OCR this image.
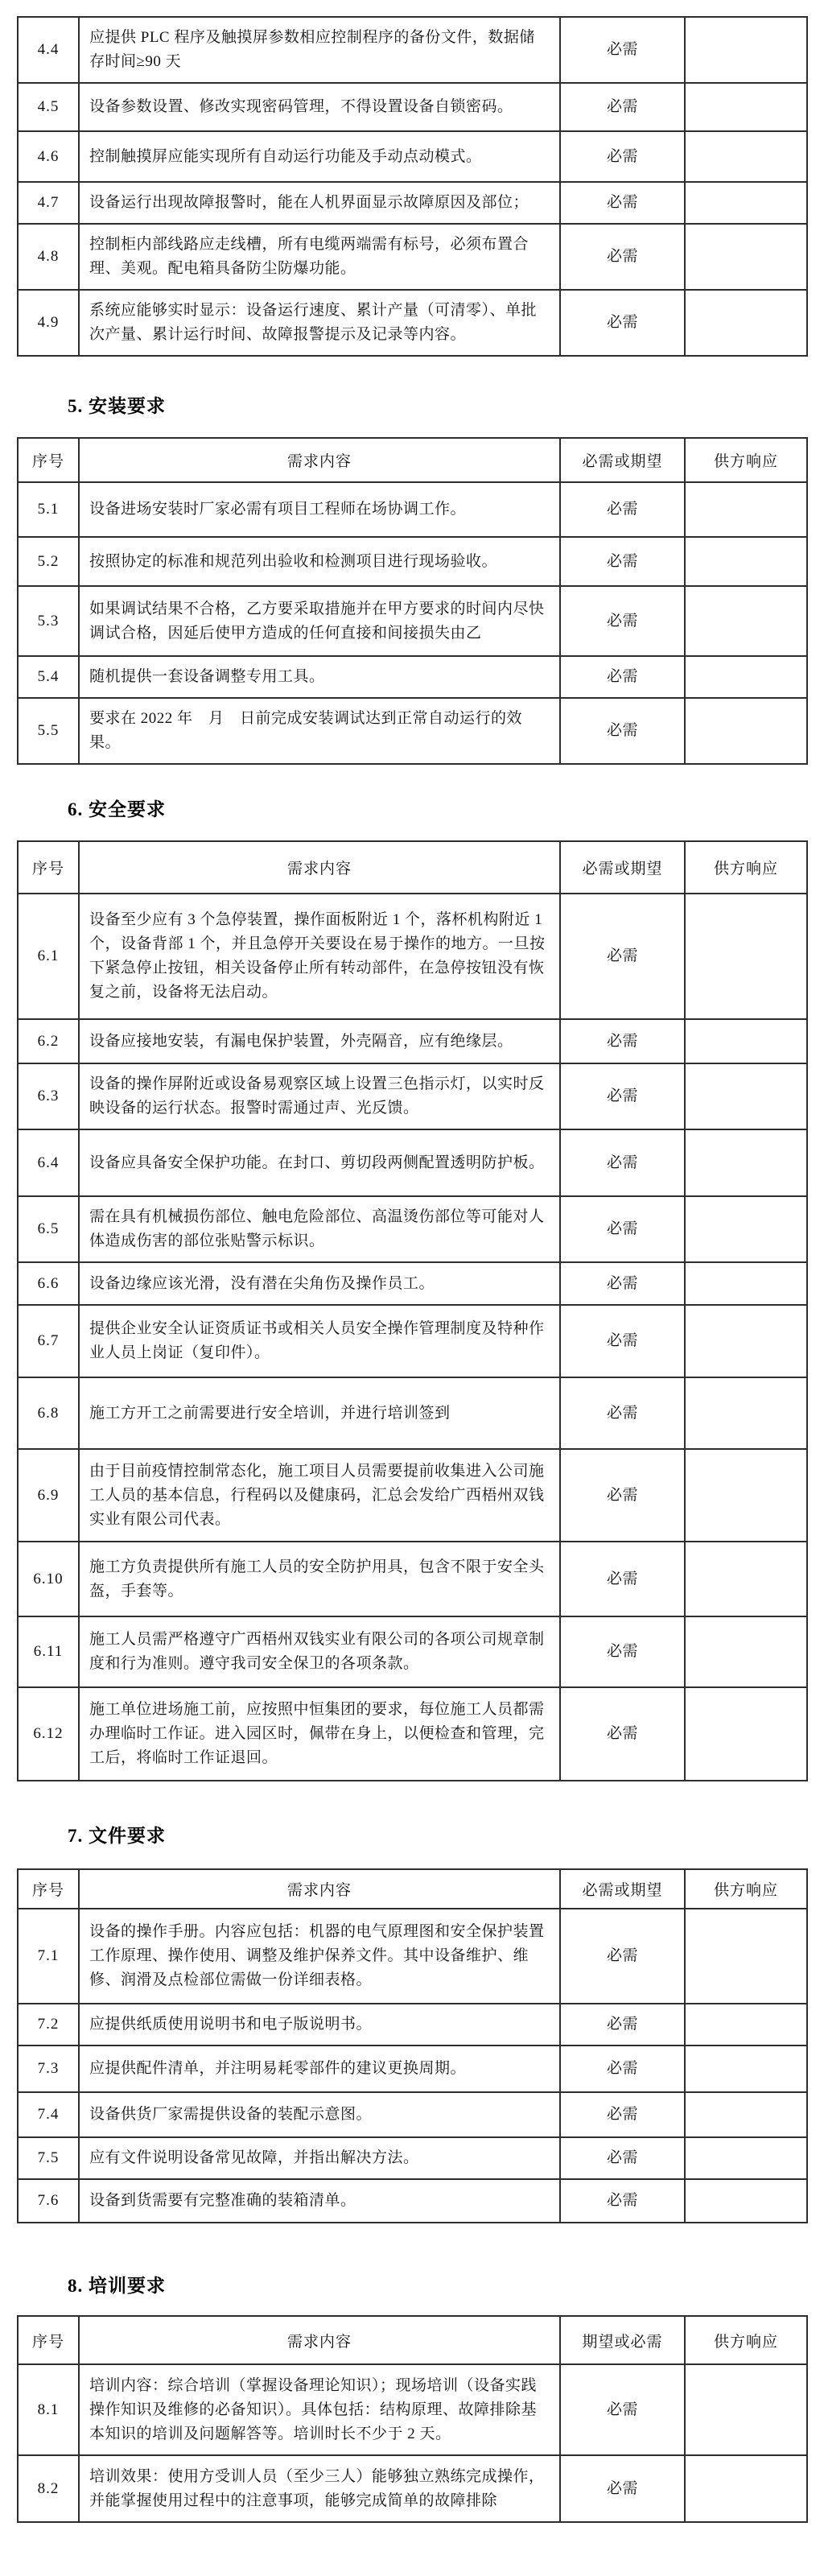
4.4	应提供 PLC 程序及触摸屏参数相应控制程序的备份文件，数据储存时间≥90 天	必需	

4.5	设备参数设置、修改实现密码管理，不得设置设备自锁密码。	必需	

4.6	控制触摸屏应能实现所有自动运行功能及手动点动模式。	必需	

4.7	设备运行出现故障报警时，能在人机界面显示故障原因及部位；	必需	

4.8	控制柜内部线路应走线槽，所有电缆两端需有标号，必须布置合理、美观。配电箱具备防尘防爆功能。	必需	

4.9	系统应能够实时显示：设备运行速度、累计产量（可清零）、单批次产量、累计运行时间、故障报警提示及记录等内容。	必需	

5. 安装要求
序号	需求内容	必需或期望	供方响应
5.1	设备进场安装时厂家必需有项目工程师在场协调工作。	必需	

5.2	按照协定的标准和规范列出验收和检测项目进行现场验收。	必需	

5.3	如果调试结果不合格，乙方要采取措施并在甲方要求的时间内尽快调试合格，因延后使甲方造成的任何直接和间接损失由乙	必需	

5.4	随机提供一套设备调整专用工具。	必需	

5.5	要求在 2022 年　月　日前完成安装调试达到正常自动运行的效果。	必需	

6. 安全要求
序号	需求内容	必需或期望	供方响应
6.1	设备至少应有 3 个急停装置，操作面板附近 1 个，落杯机构附近 1 个，设备背部 1 个，并且急停开关要设在易于操作的地方。一旦按下紧急停止按钮，相关设备停止所有转动部件，在急停按钮没有恢复之前，设备将无法启动。	必需	

6.2	设备应接地安装，有漏电保护装置，外壳隔音，应有绝缘层。	必需	

6.3	设备的操作屏附近或设备易观察区域上设置三色指示灯，以实时反映设备的运行状态。报警时需通过声、光反馈。	必需	

6.4	设备应具备安全保护功能。在封口、剪切段两侧配置透明防护板。	必需	

6.5	需在具有机械损伤部位、触电危险部位、高温烫伤部位等可能对人体造成伤害的部位张贴警示标识。	必需	

6.6	设备边缘应该光滑，没有潜在尖角伤及操作员工。	必需	

6.7	提供企业安全认证资质证书或相关人员安全操作管理制度及特种作业人员上岗证（复印件）。	必需	

6.8	施工方开工之前需要进行安全培训，并进行培训签到	必需	

6.9	由于目前疫情控制常态化，施工项目人员需要提前收集进入公司施工人员的基本信息，行程码以及健康码，汇总会发给广西梧州双钱实业有限公司代表。	必需	

6.10	施工方负责提供所有施工人员的安全防护用具，包含不限于安全头盔，手套等。	必需	

6.11	施工人员需严格遵守广西梧州双钱实业有限公司的各项公司规章制度和行为准则。遵守我司安全保卫的各项条款。	必需	

6.12	施工单位进场施工前，应按照中恒集团的要求，每位施工人员都需办理临时工作证。进入园区时，佩带在身上，以便检查和管理，完工后，将临时工作证退回。	必需	

7. 文件要求
序号	需求内容	必需或期望	供方响应
7.1	设备的操作手册。内容应包括：机器的电气原理图和安全保护装置工作原理、操作使用、调整及维护保养文件。其中设备维护、维修、润滑及点检部位需做一份详细表格。	必需	

7.2	应提供纸质使用说明书和电子版说明书。	必需	

7.3	应提供配件清单，并注明易耗零部件的建议更换周期。	必需	

7.4	设备供货厂家需提供设备的装配示意图。	必需	

7.5	应有文件说明设备常见故障，并指出解决方法。	必需	

7.6	设备到货需要有完整准确的装箱清单。	必需	

8. 培训要求
序号	需求内容	期望或必需	供方响应
8.1	培训内容：综合培训（掌握设备理论知识）；现场培训（设备实践操作知识及维修的必备知识）。具体包括：结构原理、故障排除基本知识的培训及问题解答等。培训时长不少于 2 天。	必需	

8.2	培训效果：使用方受训人员（至少三人）能够独立熟练完成操作，并能掌握使用过程中的注意事项，能够完成简单的故障排除	必需	
